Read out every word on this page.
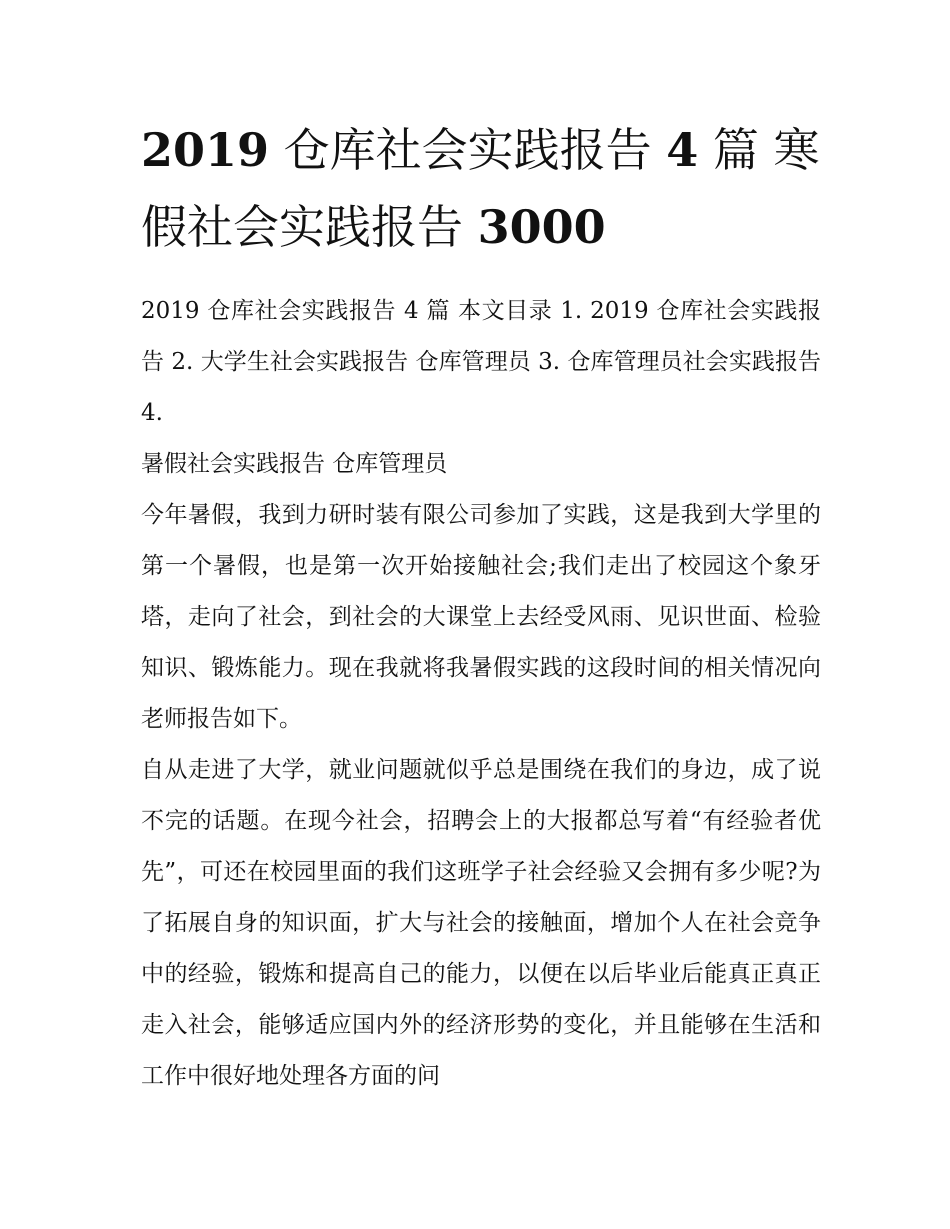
2019 仓库社会实践报告 4 篇 寒假社会实践报告 3000

2019 仓库社会实践报告 4 篇 本文目录 1. 2019 仓库社会实践报告 2. 大学生社会实践报告 仓库管理员 3. 仓库管理员社会实践报告 4.

暑假社会实践报告 仓库管理员

今年暑假，我到力研时装有限公司参加了实践，这是我到大学里的第一个暑假，也是第一次开始接触社会;我们走出了校园这个象牙塔，走向了社会，到社会的大课堂上去经受风雨、见识世面、检验知识、锻炼能力。现在我就将我暑假实践的这段时间的相关情况向老师报告如下。

自从走进了大学，就业问题就似乎总是围绕在我们的身边，成了说不完的话题。在现今社会，招聘会上的大报都总写着“有经验者优先”，可还在校园里面的我们这班学子社会经验又会拥有多少呢?为了拓展自身的知识面，扩大与社会的接触面，增加个人在社会竞争中的经验，锻炼和提高自己的能力，以便在以后毕业后能真正真正走入社会，能够适应国内外的经济形势的变化，并且能够在生活和工作中很好地处理各方面的问
